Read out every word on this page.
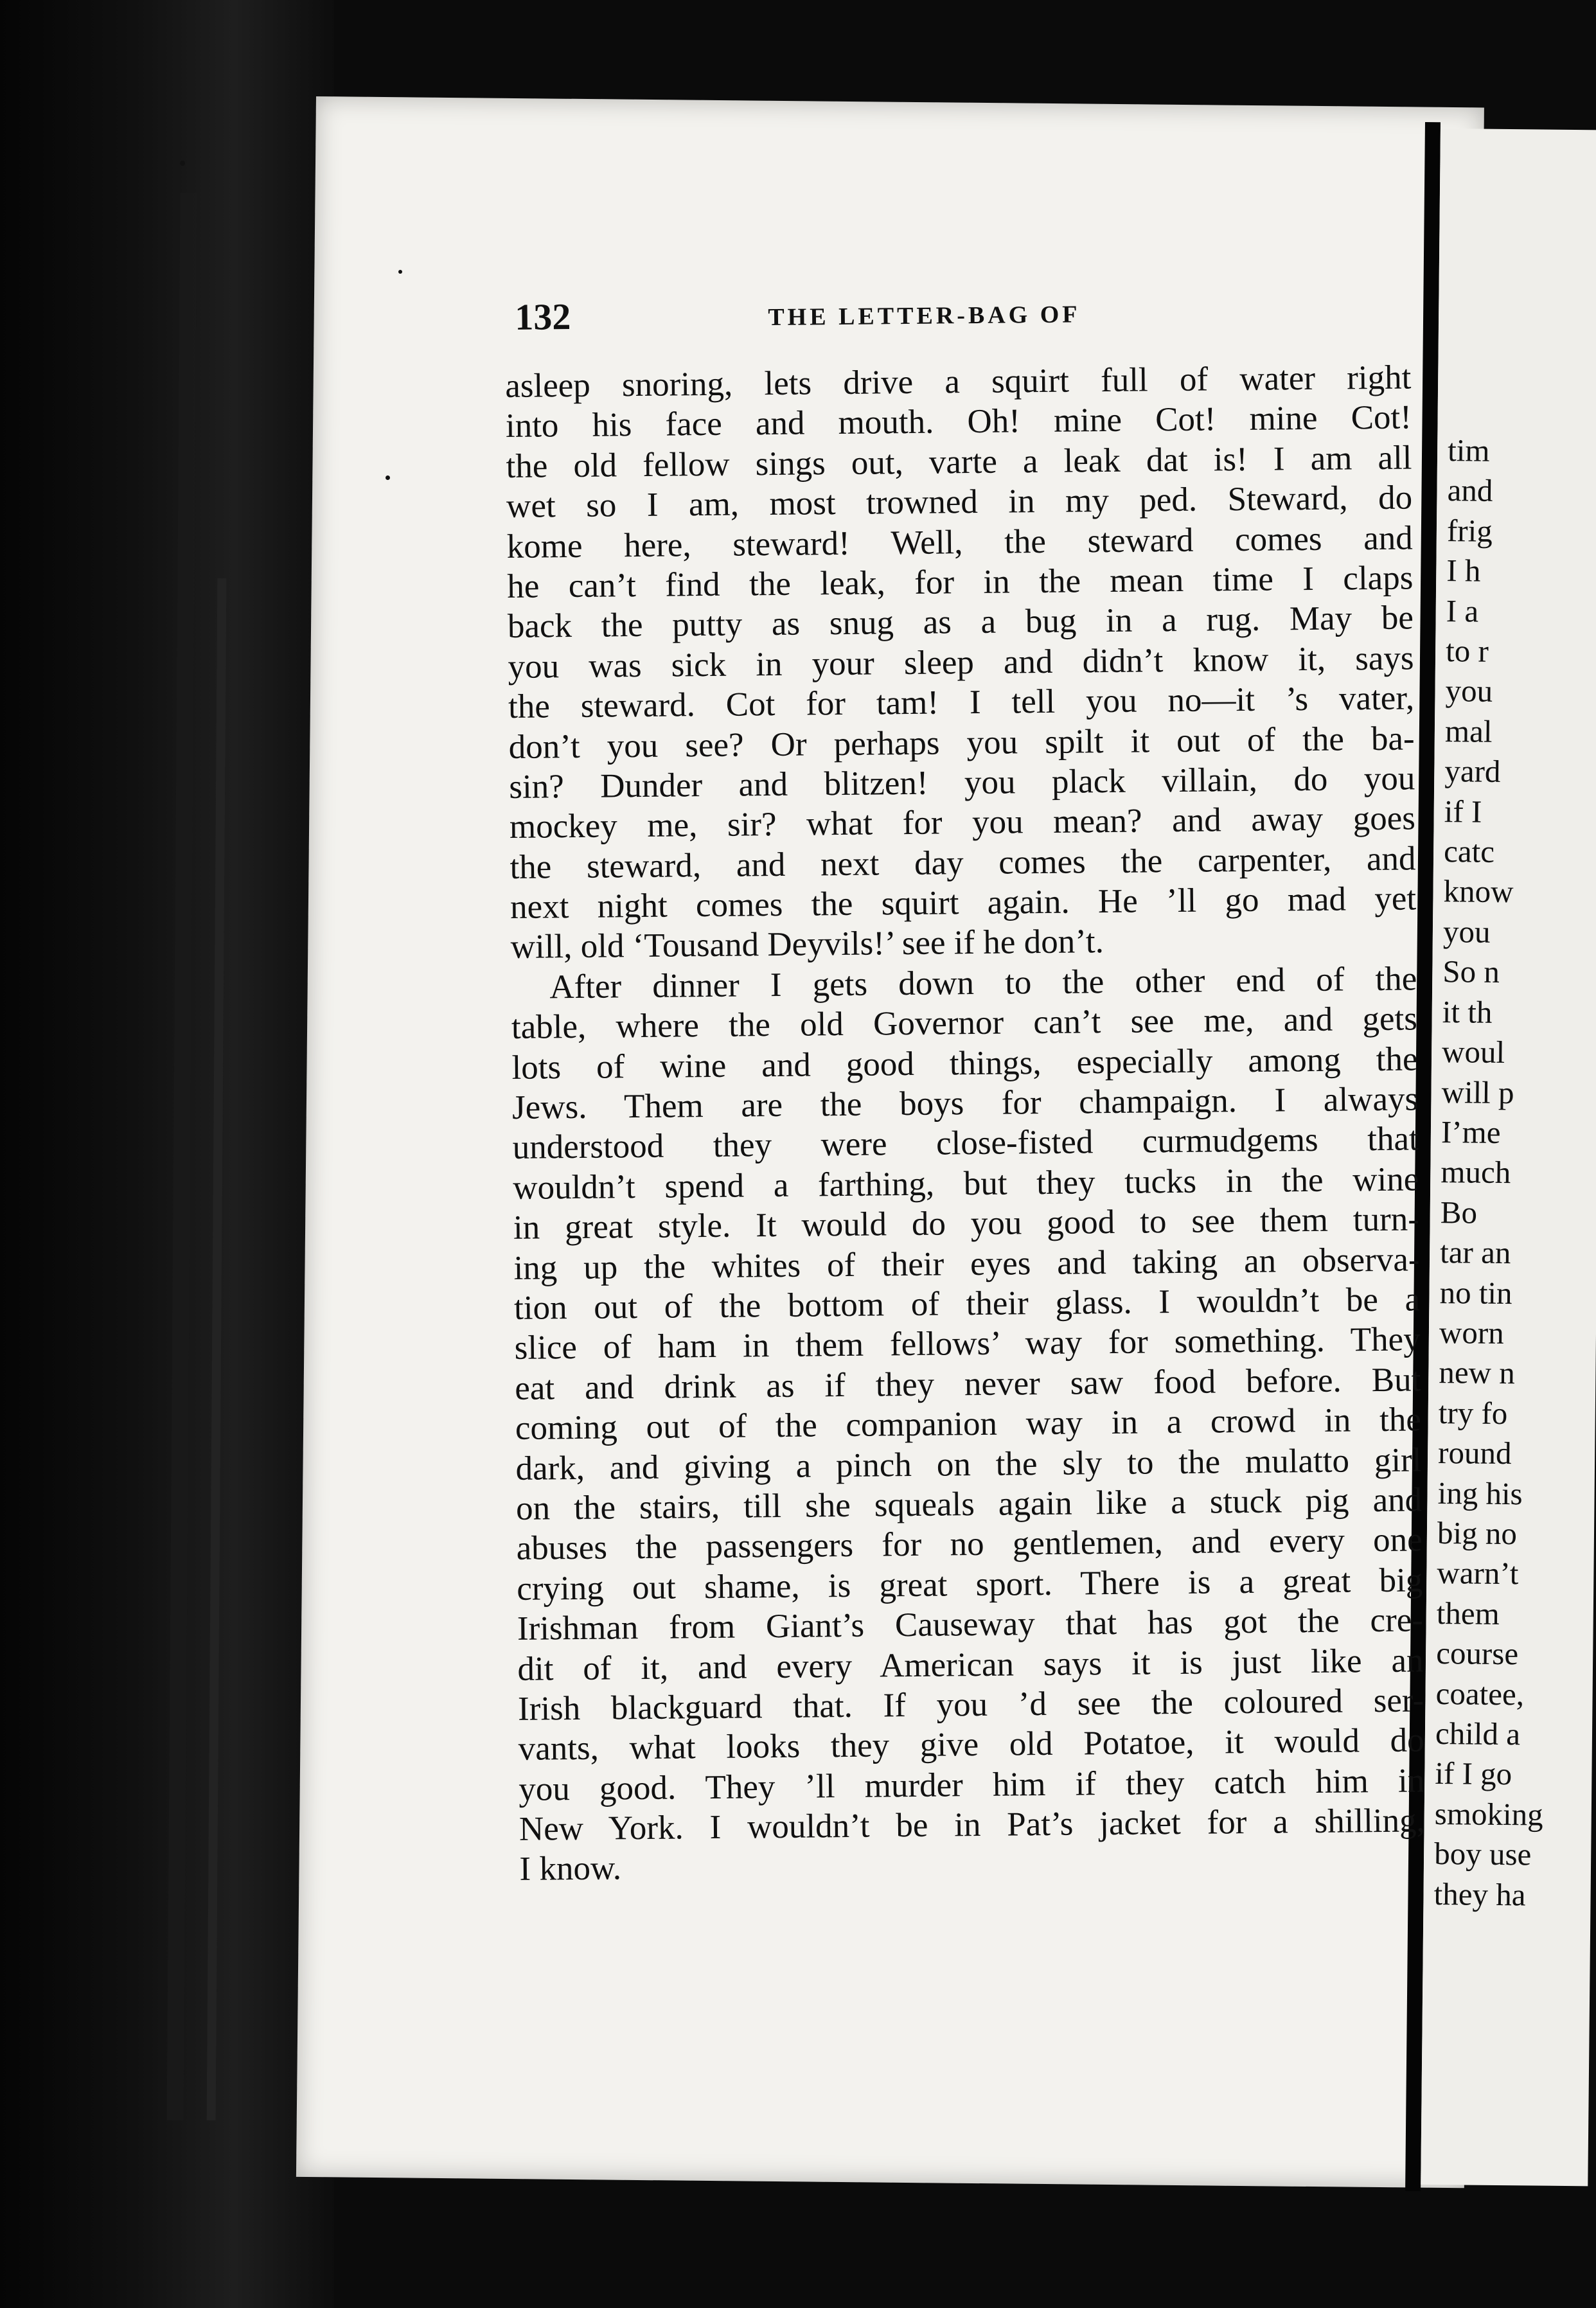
tim
and
frig
I h
I a
to r
you
mal
yard
if I
catc
know
you
So n
it th
woul
will p
I’me
much
Bo
tar an
no tin
worn
new n
try fo
round
ing his
big no
warn’t
them
course
coatee,
child a
if I go
smoking
boy use
they ha
132	THE LETTER-BAG OF
asleep snoring, lets drive a squirt full of water right
into his face and mouth. Oh! mine Cot! mine Cot!
the old fellow sings out, varte a leak dat is! I am all
wet so I am, most trowned in my ped. Steward, do
kome here, steward! Well, the steward comes and
he can’t find the leak, for in the mean time I claps
back the putty as snug as a bug in a rug. May be
you was sick in your sleep and didn’t know it, says
the steward. Cot for tam! I tell you no—it ’s vater,
don’t you see? Or perhaps you spilt it out of the ba-
sin? Dunder and blitzen! you plack villain, do you
mockey me, sir? what for you mean? and away goes
the steward, and next day comes the carpenter, and
next night comes the squirt again. He ’ll go mad yet
will, old ‘Tousand Deyvils!’ see if he don’t.
After dinner I gets down to the other end of the
table, where the old Governor can’t see me, and gets
lots of wine and good things, especially among the
Jews. Them are the boys for champaign. I always
understood they were close-fisted curmudgems that
wouldn’t spend a farthing, but they tucks in the wine
in great style. It would do you good to see them turn-
ing up the whites of their eyes and taking an observa-
tion out of the bottom of their glass. I wouldn’t be a
slice of ham in them fellows’ way for something. They
eat and drink as if they never saw food before. But
coming out of the companion way in a crowd in the
dark, and giving a pinch on the sly to the mulatto girl
on the stairs, till she squeals again like a stuck pig and
abuses the passengers for no gentlemen, and every one
crying out shame, is great sport. There is a great big
Irishman from Giant’s Causeway that has got the cre-
dit of it, and every American says it is just like an
Irish blackguard that. If you ’d see the coloured ser-
vants, what looks they give old Potatoe, it would do
you good. They ’ll murder him if they catch him in
New York. I wouldn’t be in Pat’s jacket for a shilling,
I know.
